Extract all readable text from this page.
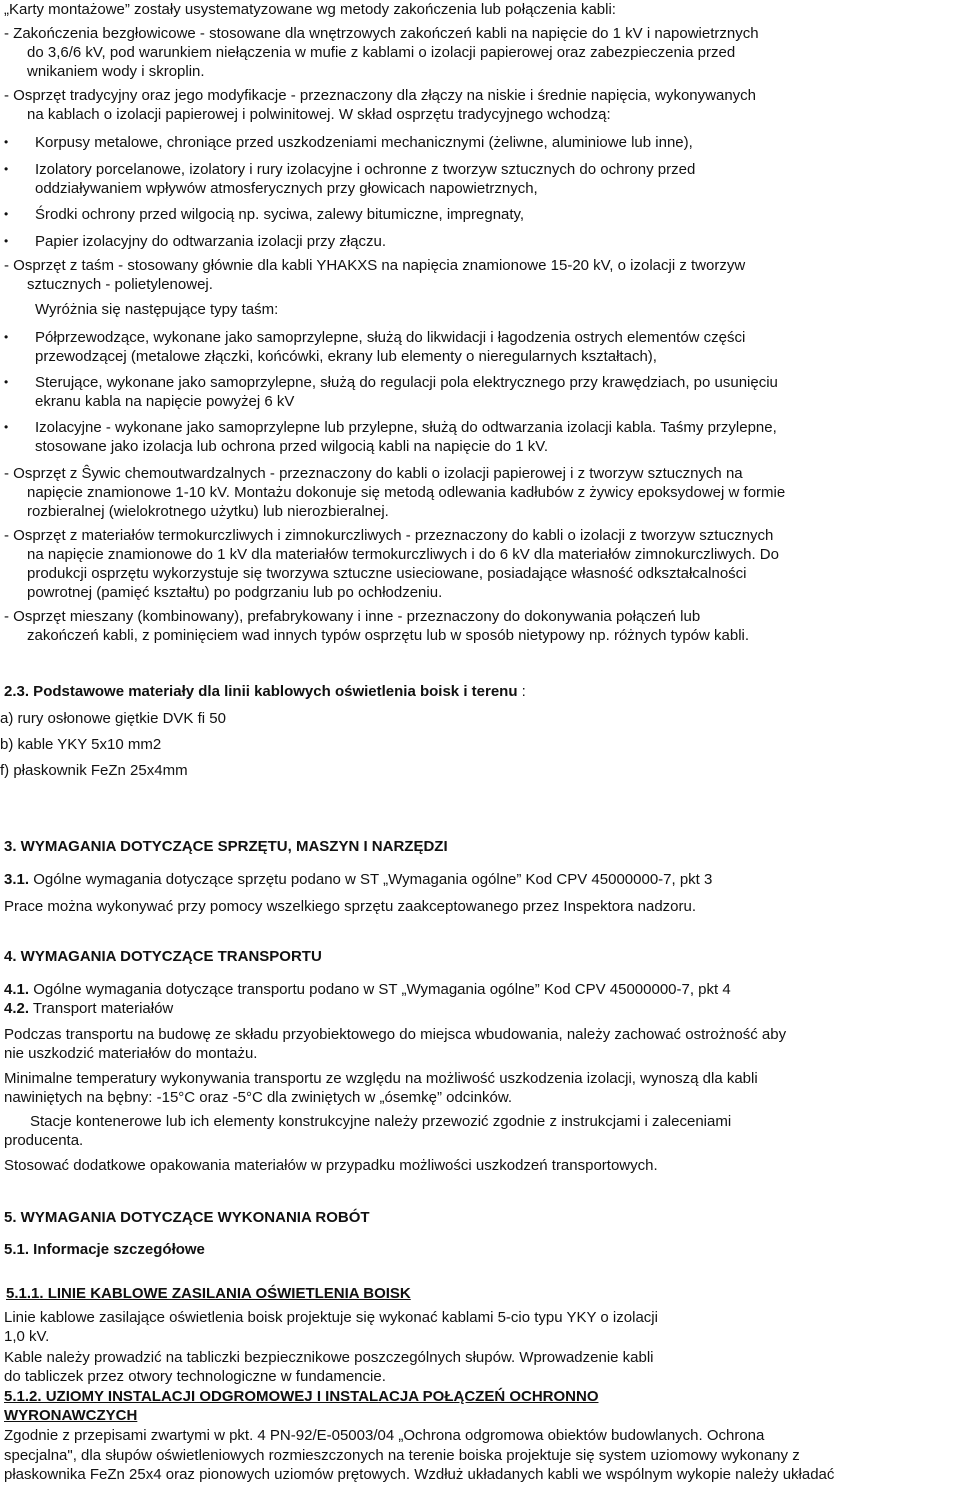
„Karty montażowe” zostały usystematyzowane wg metody zakończenia lub połączenia kabli:
- Zakończenia bezgłowicowe - stosowane dla wnętrzowych zakończeń kabli na napięcie do 1 kV i napowietrznych
do 3,6/6 kV, pod warunkiem niełączenia w mufie z kablami o izolacji papierowej oraz zabezpieczenia przed
wnikaniem wody i skroplin.
- Osprzęt tradycyjny oraz jego modyfikacje - przeznaczony dla złączy na niskie i średnie napięcia, wykonywanych
na kablach o izolacji papierowej i polwinitowej. W skład osprzętu tradycyjnego wchodzą:
• Korpusy metalowe, chroniące przed uszkodzeniami mechanicznymi (żeliwne, aluminiowe lub inne),
• Izolatory porcelanowe, izolatory i rury izolacyjne i ochronne z tworzyw sztucznych do ochrony przed
oddziaływaniem wpływów atmosferycznych przy głowicach napowietrznych,
• Środki ochrony przed wilgocią np. syciwa, zalewy bitumiczne, impregnaty,
• Papier izolacyjny do odtwarzania izolacji przy złączu.
- Osprzęt z taśm - stosowany głównie dla kabli YHAKXS na napięcia znamionowe 15-20 kV, o izolacji z tworzyw
sztucznych - polietylenowej.
Wyróżnia się następujące typy taśm:
• Półprzewodzące, wykonane jako samoprzylepne, służą do likwidacji i łagodzenia ostrych elementów części
przewodzącej (metalowe złączki, końcówki, ekrany lub elementy o nieregularnych kształtach),
• Sterujące, wykonane jako samoprzylepne, służą do regulacji pola elektrycznego przy krawędziach, po usunięciu
ekranu kabla na napięcie powyżej 6 kV
• Izolacyjne - wykonane jako samoprzylepne lub przylepne, służą do odtwarzania izolacji kabla. Taśmy przylepne,
stosowane jako izolacja lub ochrona przed wilgocią kabli na napięcie do 1 kV.
- Osprzęt z Ŝywic chemoutwardzalnych - przeznaczony do kabli o izolacji papierowej i z tworzyw sztucznych na
napięcie znamionowe 1-10 kV. Montażu dokonuje się metodą odlewania kadłubów z żywicy epoksydowej w formie
rozbieralnej (wielokrotnego użytku) lub nierozbieralnej.
- Osprzęt z materiałów termokurczliwych i zimnokurczliwych - przeznaczony do kabli o izolacji z tworzyw sztucznych
na napięcie znamionowe do 1 kV dla materiałów termokurczliwych i do 6 kV dla materiałów zimnokurczliwych. Do
produkcji osprzętu wykorzystuje się tworzywa sztuczne usieciowane, posiadające własność odkształcalności
powrotnej (pamięć kształtu) po podgrzaniu lub po ochłodzeniu.
- Osprzęt mieszany (kombinowany), prefabrykowany i inne - przeznaczony do dokonywania połączeń lub
zakończeń kabli, z pominięciem wad innych typów osprzętu lub w sposób nietypowy np. różnych typów kabli.
2.3. Podstawowe materiały dla linii kablowych oświetlenia boisk i terenu :
a) rury osłonowe giętkie DVK fi 50
b) kable YKY 5x10 mm2
f) płaskownik FeZn 25x4mm
3. WYMAGANIA DOTYCZĄCE SPRZĘTU, MASZYN I NARZĘDZI
3.1. Ogólne wymagania dotyczące sprzętu podano w ST „Wymagania ogólne” Kod CPV 45000000-7, pkt 3
Prace można wykonywać przy pomocy wszelkiego sprzętu zaakceptowanego przez Inspektora nadzoru.
4. WYMAGANIA DOTYCZĄCE TRANSPORTU
4.1. Ogólne wymagania dotyczące transportu podano w ST „Wymagania ogólne” Kod CPV 45000000-7, pkt 4
4.2. Transport materiałów
Podczas transportu na budowę ze składu przyobiektowego do miejsca wbudowania, należy zachować ostrożność aby
nie uszkodzić materiałów do montażu.
Minimalne temperatury wykonywania transportu ze względu na możliwość uszkodzenia izolacji, wynoszą dla kabli
nawiniętych na bębny: -15°C oraz -5°C dla zwiniętych w „ósemkę” odcinków.
Stacje kontenerowe lub ich elementy konstrukcyjne należy przewozić zgodnie z instrukcjami i zaleceniami
producenta.
Stosować dodatkowe opakowania materiałów w przypadku możliwości uszkodzeń transportowych.
5. WYMAGANIA DOTYCZĄCE WYKONANIA ROBÓT
5.1. Informacje szczegółowe
5.1.1. LINIE KABLOWE ZASILANIA OŚWIETLENIA BOISK
Linie kablowe zasilające oświetlenia boisk projektuje się wykonać kablami 5-cio typu YKY o izolacji
1,0 kV.
Kable należy prowadzić na tabliczki bezpiecznikowe poszczególnych słupów. Wprowadzenie kabli
do tabliczek przez otwory technologiczne w fundamencie.
5.1.2. UZIOMY INSTALACJI ODGROMOWEJ I INSTALACJA POŁĄCZEŃ OCHRONNO
WYRONAWCZYCH
Zgodnie z przepisami zwartymi w pkt. 4 PN-92/E-05003/04 „Ochrona odgromowa obiektów budowlanych. Ochrona
specjalna", dla słupów oświetleniowych rozmieszczonych na terenie boiska projektuje się system uziomowy wykonany z
płaskownika FeZn 25x4 oraz pionowych uziomów prętowych. Wzdłuż układanych kabli we wspólnym wykopie należy układać
